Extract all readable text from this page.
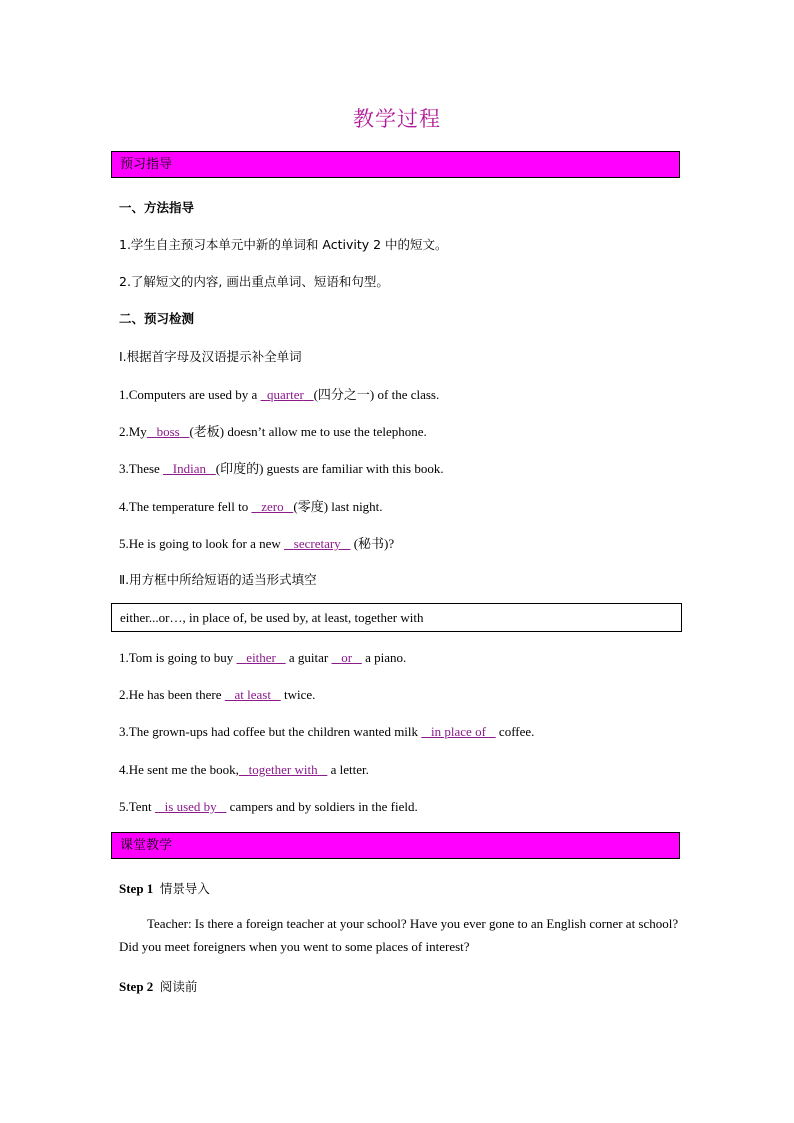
教学过程
预习指导
一、方法指导
1.学生自主预习本单元中新的单词和 Activity 2 中的短文。
2.了解短文的内容, 画出重点单词、短语和句型。
二、预习检测
Ⅰ.根据首字母及汉语提示补全单词
1.Computers are used by a   quarter (四分之一) of the class.
2.My boss (老板) doesn’t allow me to use the telephone.
3.These    Indian (印度的) guests are familiar with this book.
4.The temperature fell to    zero (零度) last night.
5.He is going to look for a new    secretary    (秘书)?
Ⅱ.用方框中所给短语的适当形式填空
either...or…, in place of, be used by, at least, together with
1.Tom is going to buy    either    a guitar    or    a piano.
2.He has been there    at least    twice.
3.The grown-ups had coffee but the children wanted milk    in place of    coffee.
4.He sent me the book, together with    a letter.
5.Tent    is used by    campers and by soldiers in the field.
课堂教学
Step 1 情景导入
Teacher: Is there a foreign teacher at your school? Have you ever gone to an English corner at school? Did you meet foreigners when you went to some places of interest?
Step 2 阅读前
